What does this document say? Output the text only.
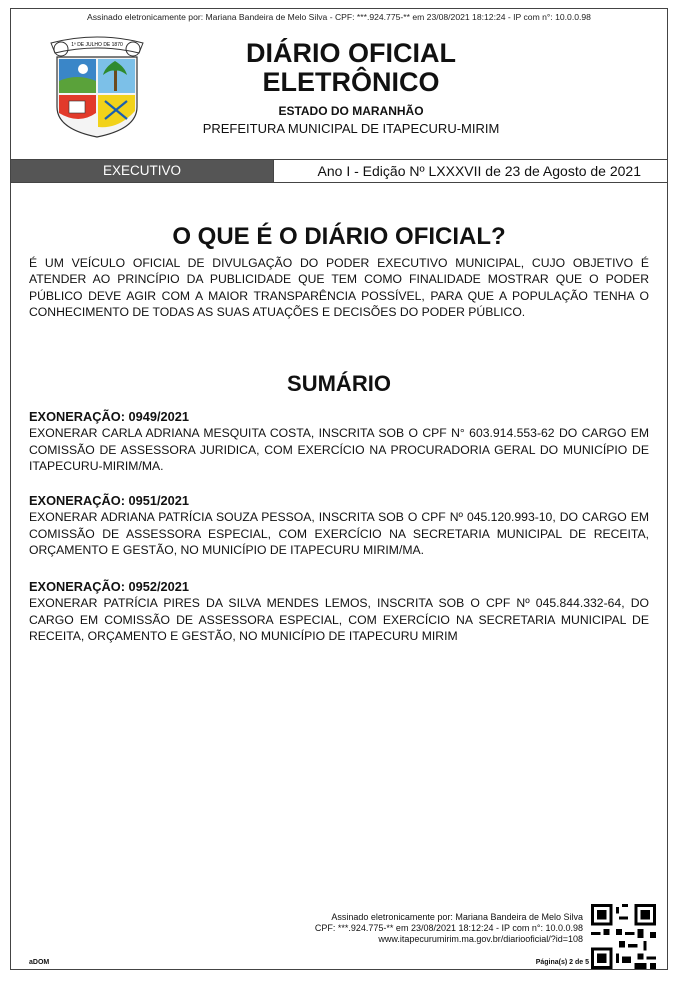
Assinado eletronicamente por: Mariana Bandeira de Melo Silva - CPF: ***.924.775-** em 23/08/2021 18:12:24 - IP com n°: 10.0.0.98
1º DE JULHO DE 1870	DIÁRIO OFICIAL
ELETRÔNICO
ESTADO DO MARANHÃO
PREFEITURA MUNICIPAL DE ITAPECURU-MIRIM
EXECUTIVO	Ano I - Edição Nº LXXXVII de 23 de Agosto de 2021
O QUE É O DIÁRIO OFICIAL?
É UM VEÍCULO OFICIAL DE DIVULGAÇÃO DO PODER EXECUTIVO MUNICIPAL, CUJO OBJETIVO É ATENDER AO PRINCÍPIO DA PUBLICIDADE QUE TEM COMO FINALIDADE MOSTRAR QUE O PODER PÚBLICO DEVE AGIR COM A MAIOR TRANSPARÊNCIA POSSÍVEL, PARA QUE A POPULAÇÃO TENHA O CONHECIMENTO DE TODAS AS SUAS ATUAÇÕES E DECISÕES DO PODER PÚBLICO.
SUMÁRIO
EXONERAÇÃO: 0949/2021
EXONERAR CARLA ADRIANA MESQUITA COSTA, INSCRITA SOB O CPF N° 603.914.553-62 DO CARGO EM COMISSÃO DE ASSESSORA JURIDICA, COM EXERCÍCIO NA PROCURADORIA GERAL DO MUNICÍPIO DE ITAPECURU-MIRIM/MA.
EXONERAÇÃO: 0951/2021
EXONERAR ADRIANA PATRÍCIA SOUZA PESSOA, INSCRITA SOB O CPF Nº 045.120.993-10, DO CARGO EM COMISSÃO DE ASSESSORA ESPECIAL, COM EXERCÍCIO NA SECRETARIA MUNICIPAL DE RECEITA, ORÇAMENTO E GESTÃO, NO MUNICÍPIO DE ITAPECURU MIRIM/MA.
EXONERAÇÃO: 0952/2021
EXONERAR PATRÍCIA PIRES DA SILVA MENDES LEMOS, INSCRITA SOB O CPF Nº 045.844.332-64, DO CARGO EM COMISSÃO DE ASSESSORA ESPECIAL, COM EXERCÍCIO NA SECRETARIA MUNICIPAL DE RECEITA, ORÇAMENTO E GESTÃO, NO MUNICÍPIO DE ITAPECURU MIRIM
Assinado eletronicamente por: Mariana Bandeira de Melo Silva
CPF: ***.924.775-** em 23/08/2021 18:12:24 - IP com n°: 10.0.0.98
www.itapecurumirim.ma.gov.br/diariooficial/?id=108
aDOM	Página(s) 2 de 5
